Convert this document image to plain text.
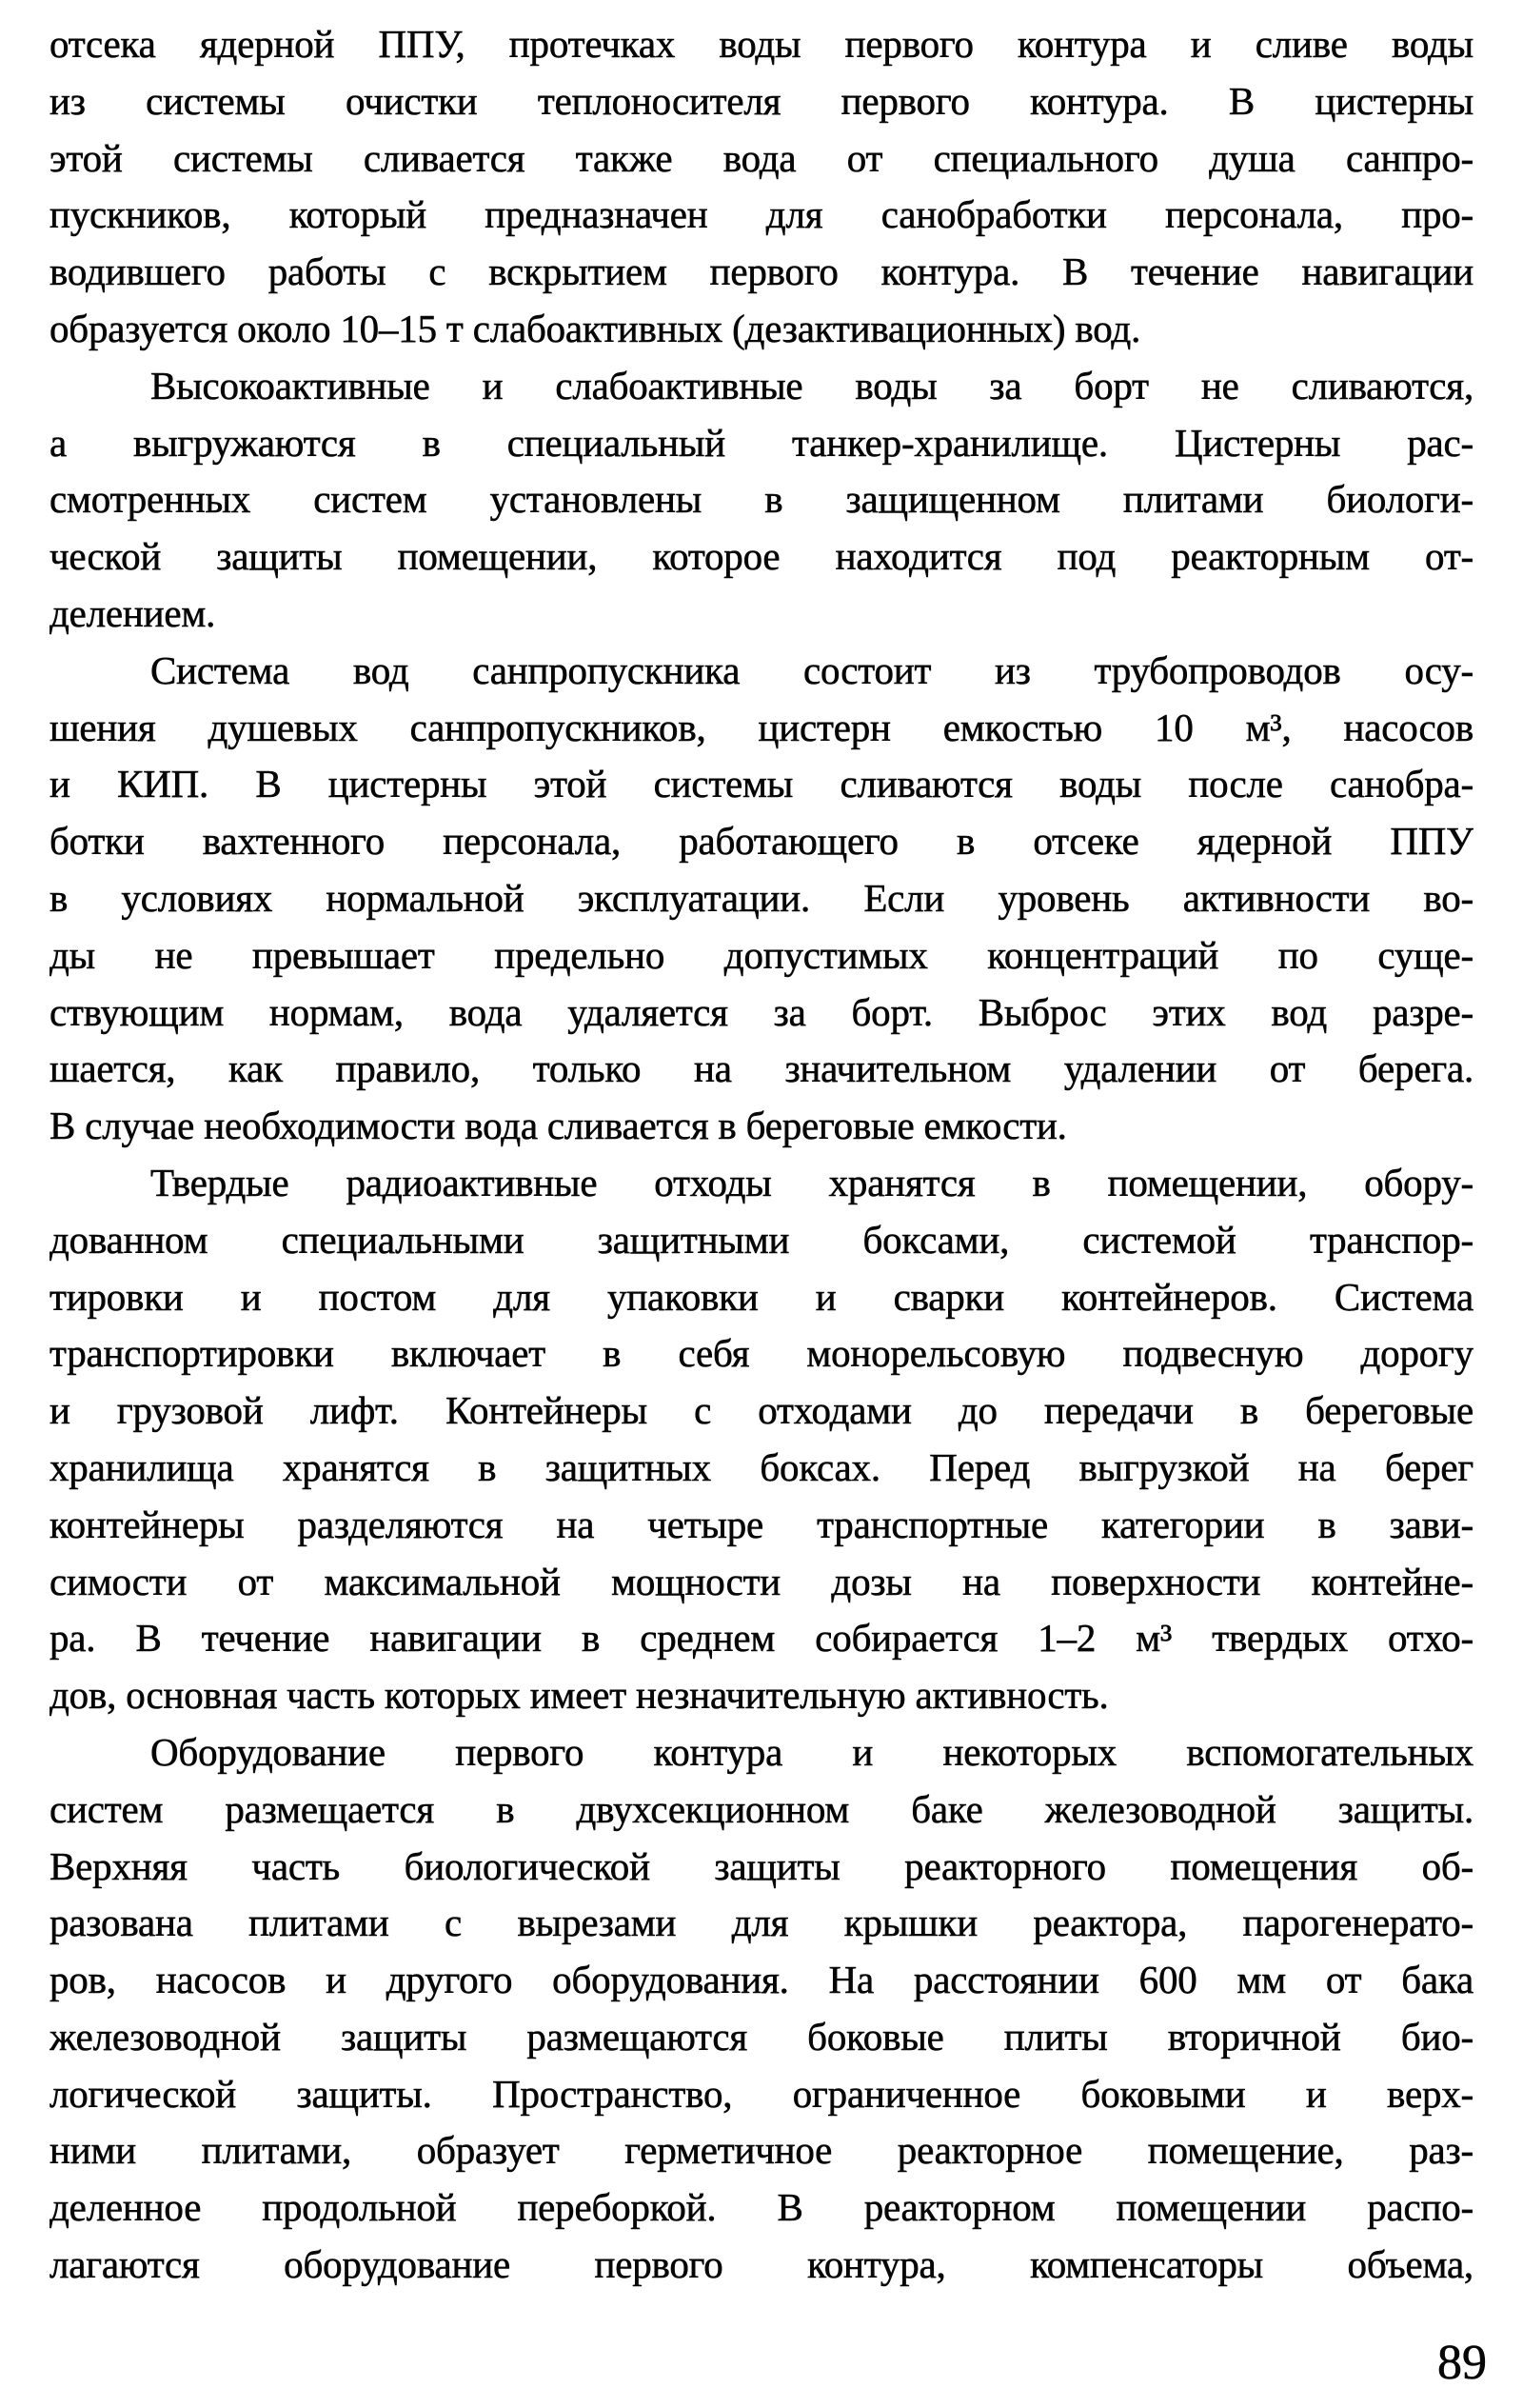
отсека ядерной ППУ, протечках воды первого контура и сливе воды
из системы очистки теплоносителя первого контура. В цистерны
этой системы сливается также вода от специального душа санпро-
пускников, который предназначен для санобработки персонала, про-
водившего работы с вскрытием первого контура. В течение навигации
образуется около 10–15 т слабоактивных (дезактивационных) вод.
Высокоактивные и слабоактивные воды за борт не сливаются,
а выгружаются в специальный танкер-хранилище. Цистерны рас-
смотренных систем установлены в защищенном плитами биологи-
ческой защиты помещении, которое находится под реакторным от-
делением.
Система вод санпропускника состоит из трубопроводов осу-
шения душевых санпропускников, цистерн емкостью 10 м³, насосов
и КИП. В цистерны этой системы сливаются воды после санобра-
ботки вахтенного персонала, работающего в отсеке ядерной ППУ
в условиях нормальной эксплуатации. Если уровень активности во-
ды не превышает предельно допустимых концентраций по суще-
ствующим нормам, вода удаляется за борт. Выброс этих вод разре-
шается, как правило, только на значительном удалении от берега.
В случае необходимости вода сливается в береговые емкости.
Твердые радиоактивные отходы хранятся в помещении, обору-
дованном специальными защитными боксами, системой транспор-
тировки и постом для упаковки и сварки контейнеров. Система
транспортировки включает в себя монорельсовую подвесную дорогу
и грузовой лифт. Контейнеры с отходами до передачи в береговые
хранилища хранятся в защитных боксах. Перед выгрузкой на берег
контейнеры разделяются на четыре транспортные категории в зави-
симости от максимальной мощности дозы на поверхности контейне-
ра. В течение навигации в среднем собирается 1–2 м³ твердых отхо-
дов, основная часть которых имеет незначительную активность.
Оборудование первого контура и некоторых вспомогательных
систем размещается в двухсекционном баке железоводной защиты.
Верхняя часть биологической защиты реакторного помещения об-
разована плитами с вырезами для крышки реактора, парогенерато-
ров, насосов и другого оборудования. На расстоянии 600 мм от бака
железоводной защиты размещаются боковые плиты вторичной био-
логической защиты. Пространство, ограниченное боковыми и верх-
ними плитами, образует герметичное реакторное помещение, раз-
деленное продольной переборкой. В реакторном помещении распо-
лагаются оборудование первого контура, компенсаторы объема,
89
